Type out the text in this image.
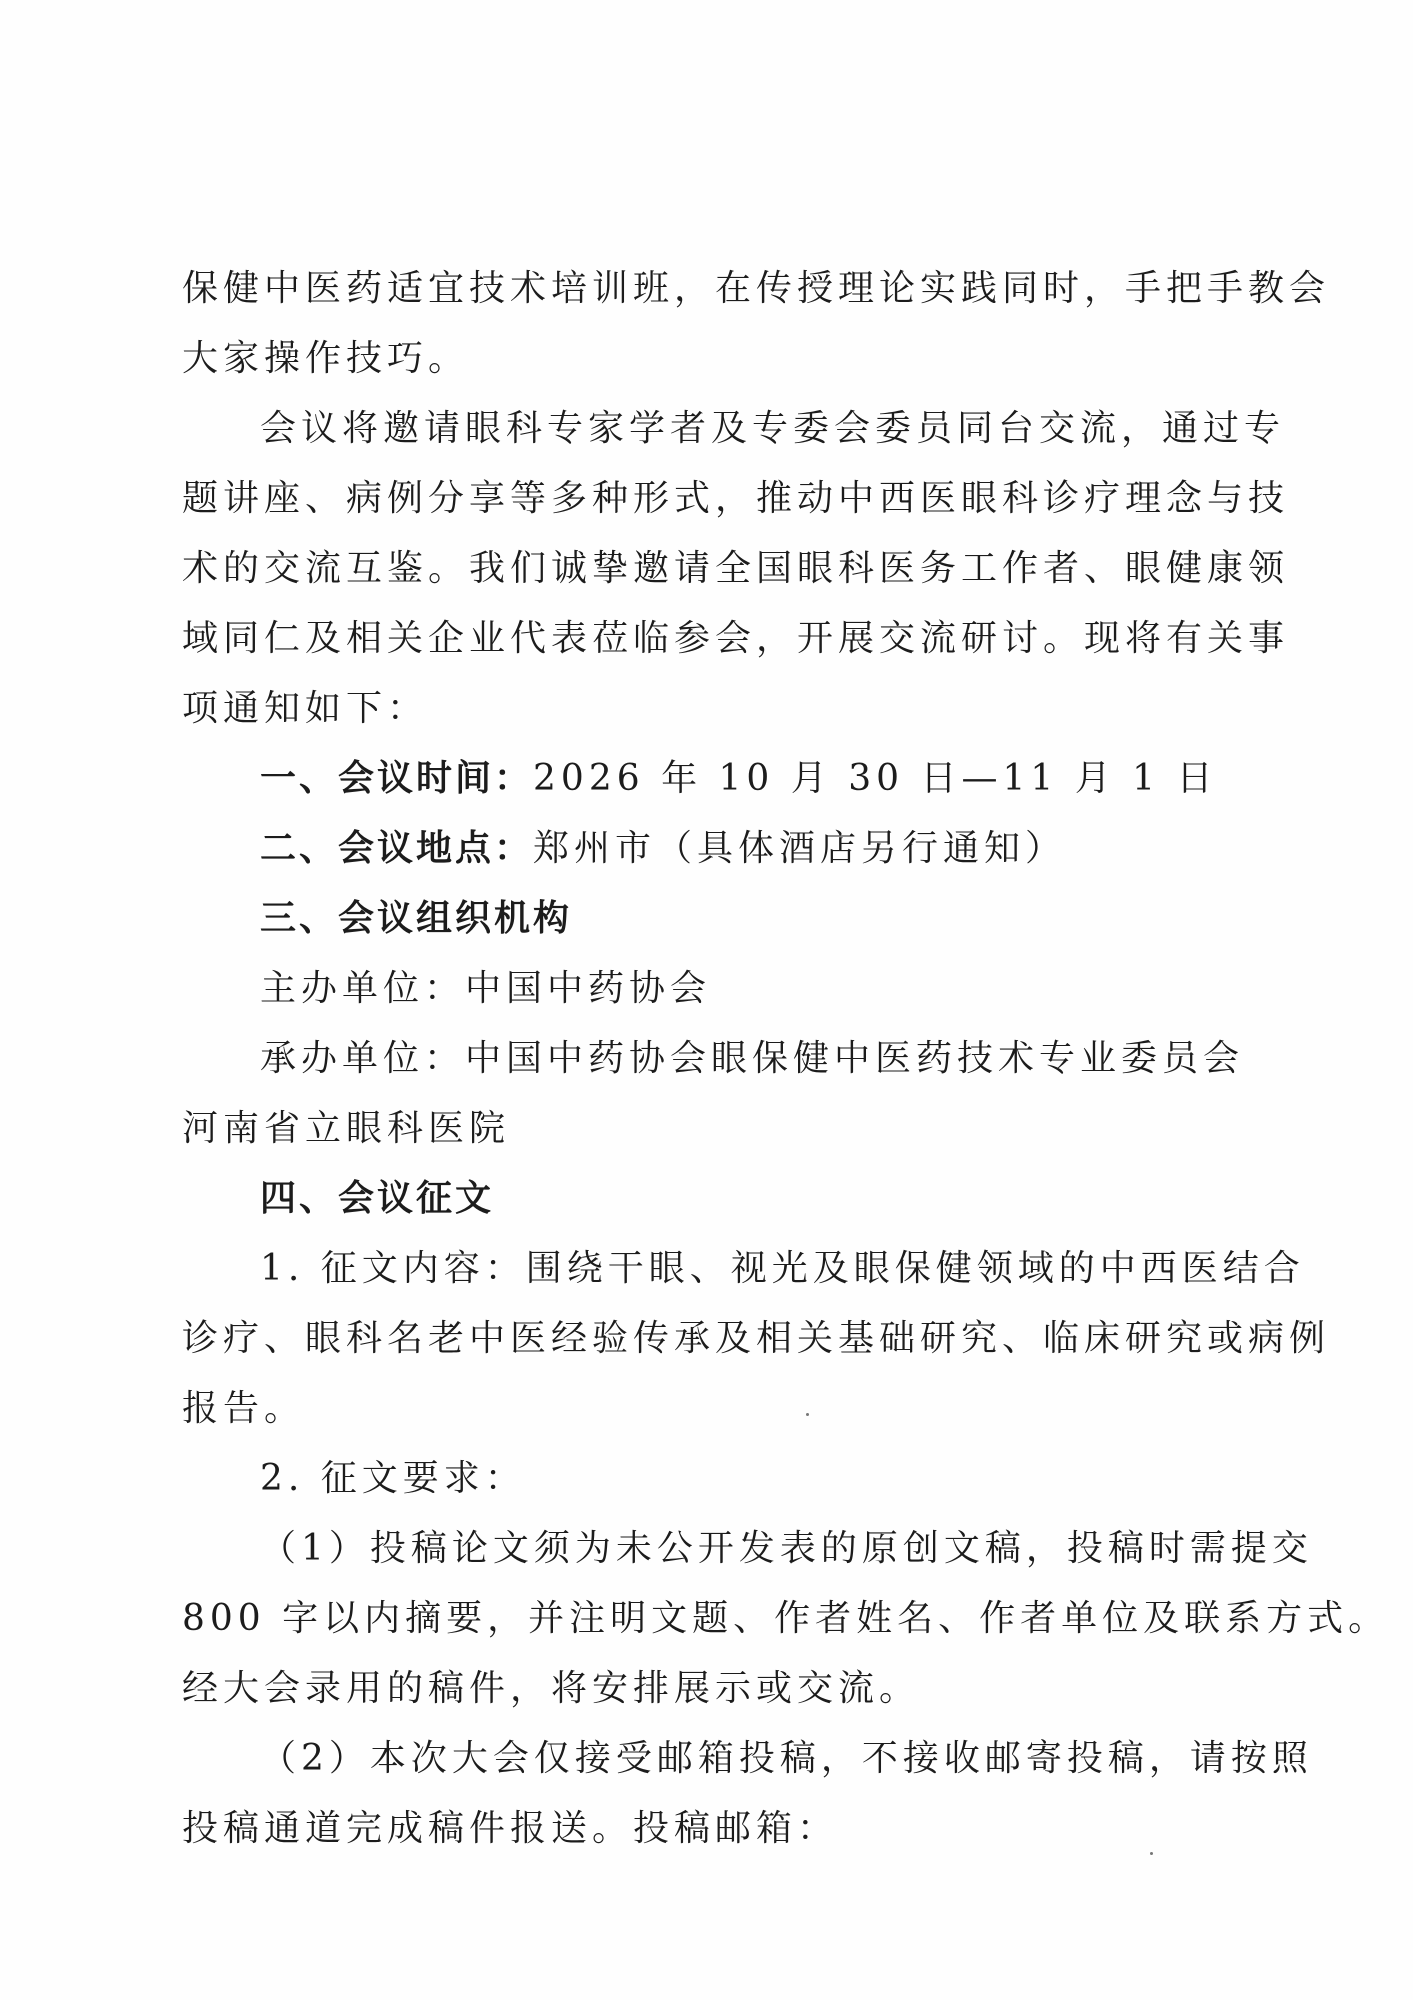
保健中医药适宜技术培训班，在传授理论实践同时，手把手教会
大家操作技巧。
会议将邀请眼科专家学者及专委会委员同台交流，通过专
题讲座、病例分享等多种形式，推动中西医眼科诊疗理念与技
术的交流互鉴。我们诚挚邀请全国眼科医务工作者、眼健康领
域同仁及相关企业代表莅临参会，开展交流研讨。现将有关事
项通知如下：
一、会议时间：2026 年 10 月 30 日—11 月 1 日
二、会议地点：郑州市（具体酒店另行通知）
三、会议组织机构
主办单位：中国中药协会
承办单位：中国中药协会眼保健中医药技术专业委员会
河南省立眼科医院
四、会议征文
1. 征文内容：围绕干眼、视光及眼保健领域的中西医结合
诊疗、眼科名老中医经验传承及相关基础研究、临床研究或病例
报告。
2. 征文要求：
（1）投稿论文须为未公开发表的原创文稿，投稿时需提交
800 字以内摘要，并注明文题、作者姓名、作者单位及联系方式。
经大会录用的稿件，将安排展示或交流。
（2）本次大会仅接受邮箱投稿，不接收邮寄投稿，请按照
投稿通道完成稿件报送。投稿邮箱：
